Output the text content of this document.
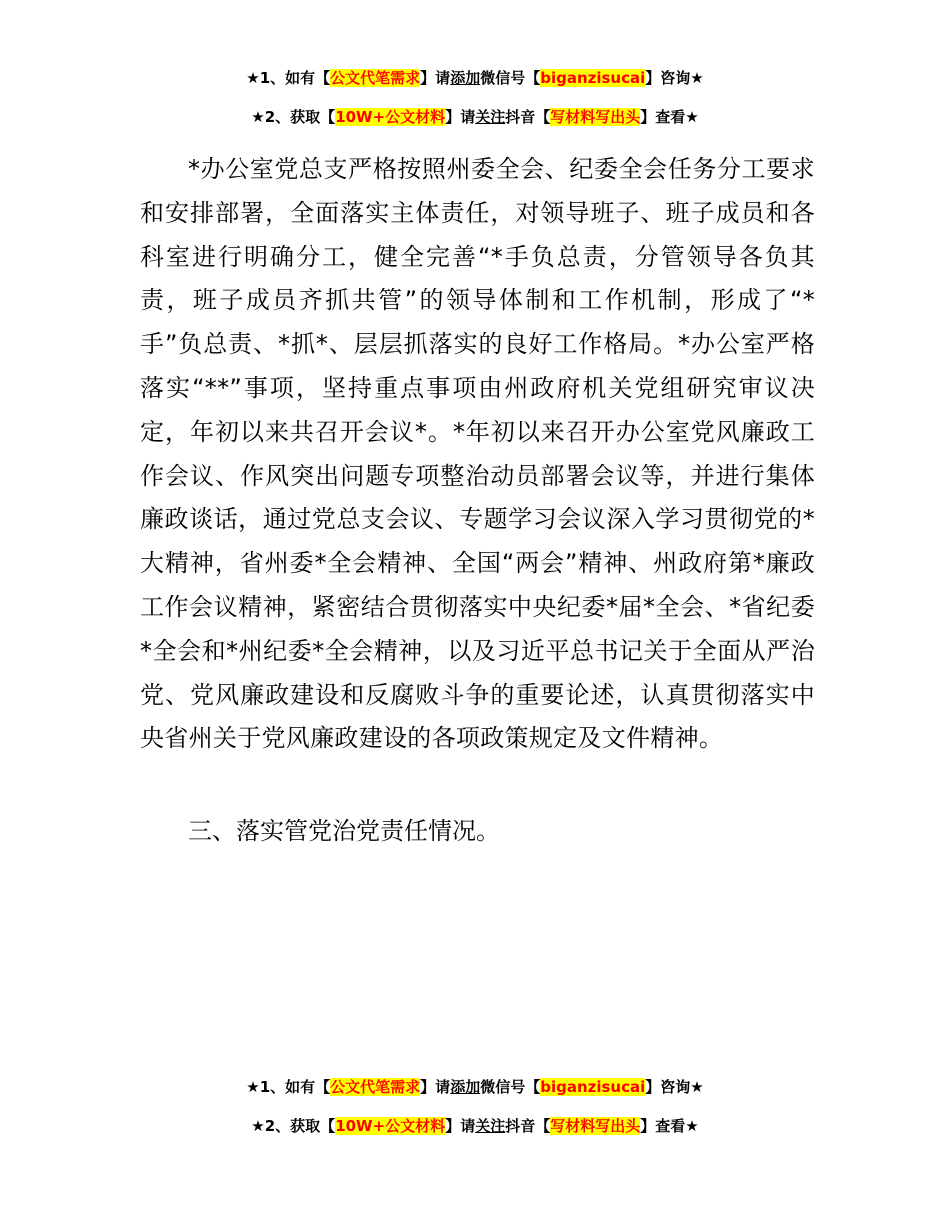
★1、如有【公文代笔需求】请添加微信号【biganzisucai】咨询★
★2、获取【10W+公文材料】请关注抖音【写材料写出头】查看★

*办公室党总支严格按照州委全会、纪委全会任务分工要求和安排部署，全面落实主体责任，对领导班子、班子成员和各科室进行明确分工，健全完善“*手负总责，分管领导各负其责，班子成员齐抓共管”的领导体制和工作机制，形成了“*手”负总责、*抓*、层层抓落实的良好工作格局。*办公室严格落实“**”事项，坚持重点事项由州政府机关党组研究审议决定，年初以来共召开会议*。*年初以来召开办公室党风廉政工作会议、作风突出问题专项整治动员部署会议等，并进行集体廉政谈话，通过党总支会议、专题学习会议深入学习贯彻党的*大精神，省州委*全会精神、全国“两会”精神、州政府第*廉政工作会议精神，紧密结合贯彻落实中央纪委*届*全会、*省纪委*全会和*州纪委*全会精神，以及习近平总书记关于全面从严治党、党风廉政建设和反腐败斗争的重要论述，认真贯彻落实中央省州关于党风廉政建设的各项政策规定及文件精神。

三、落实管党治党责任情况。

★1、如有【公文代笔需求】请添加微信号【biganzisucai】咨询★
★2、获取【10W+公文材料】请关注抖音【写材料写出头】查看★
